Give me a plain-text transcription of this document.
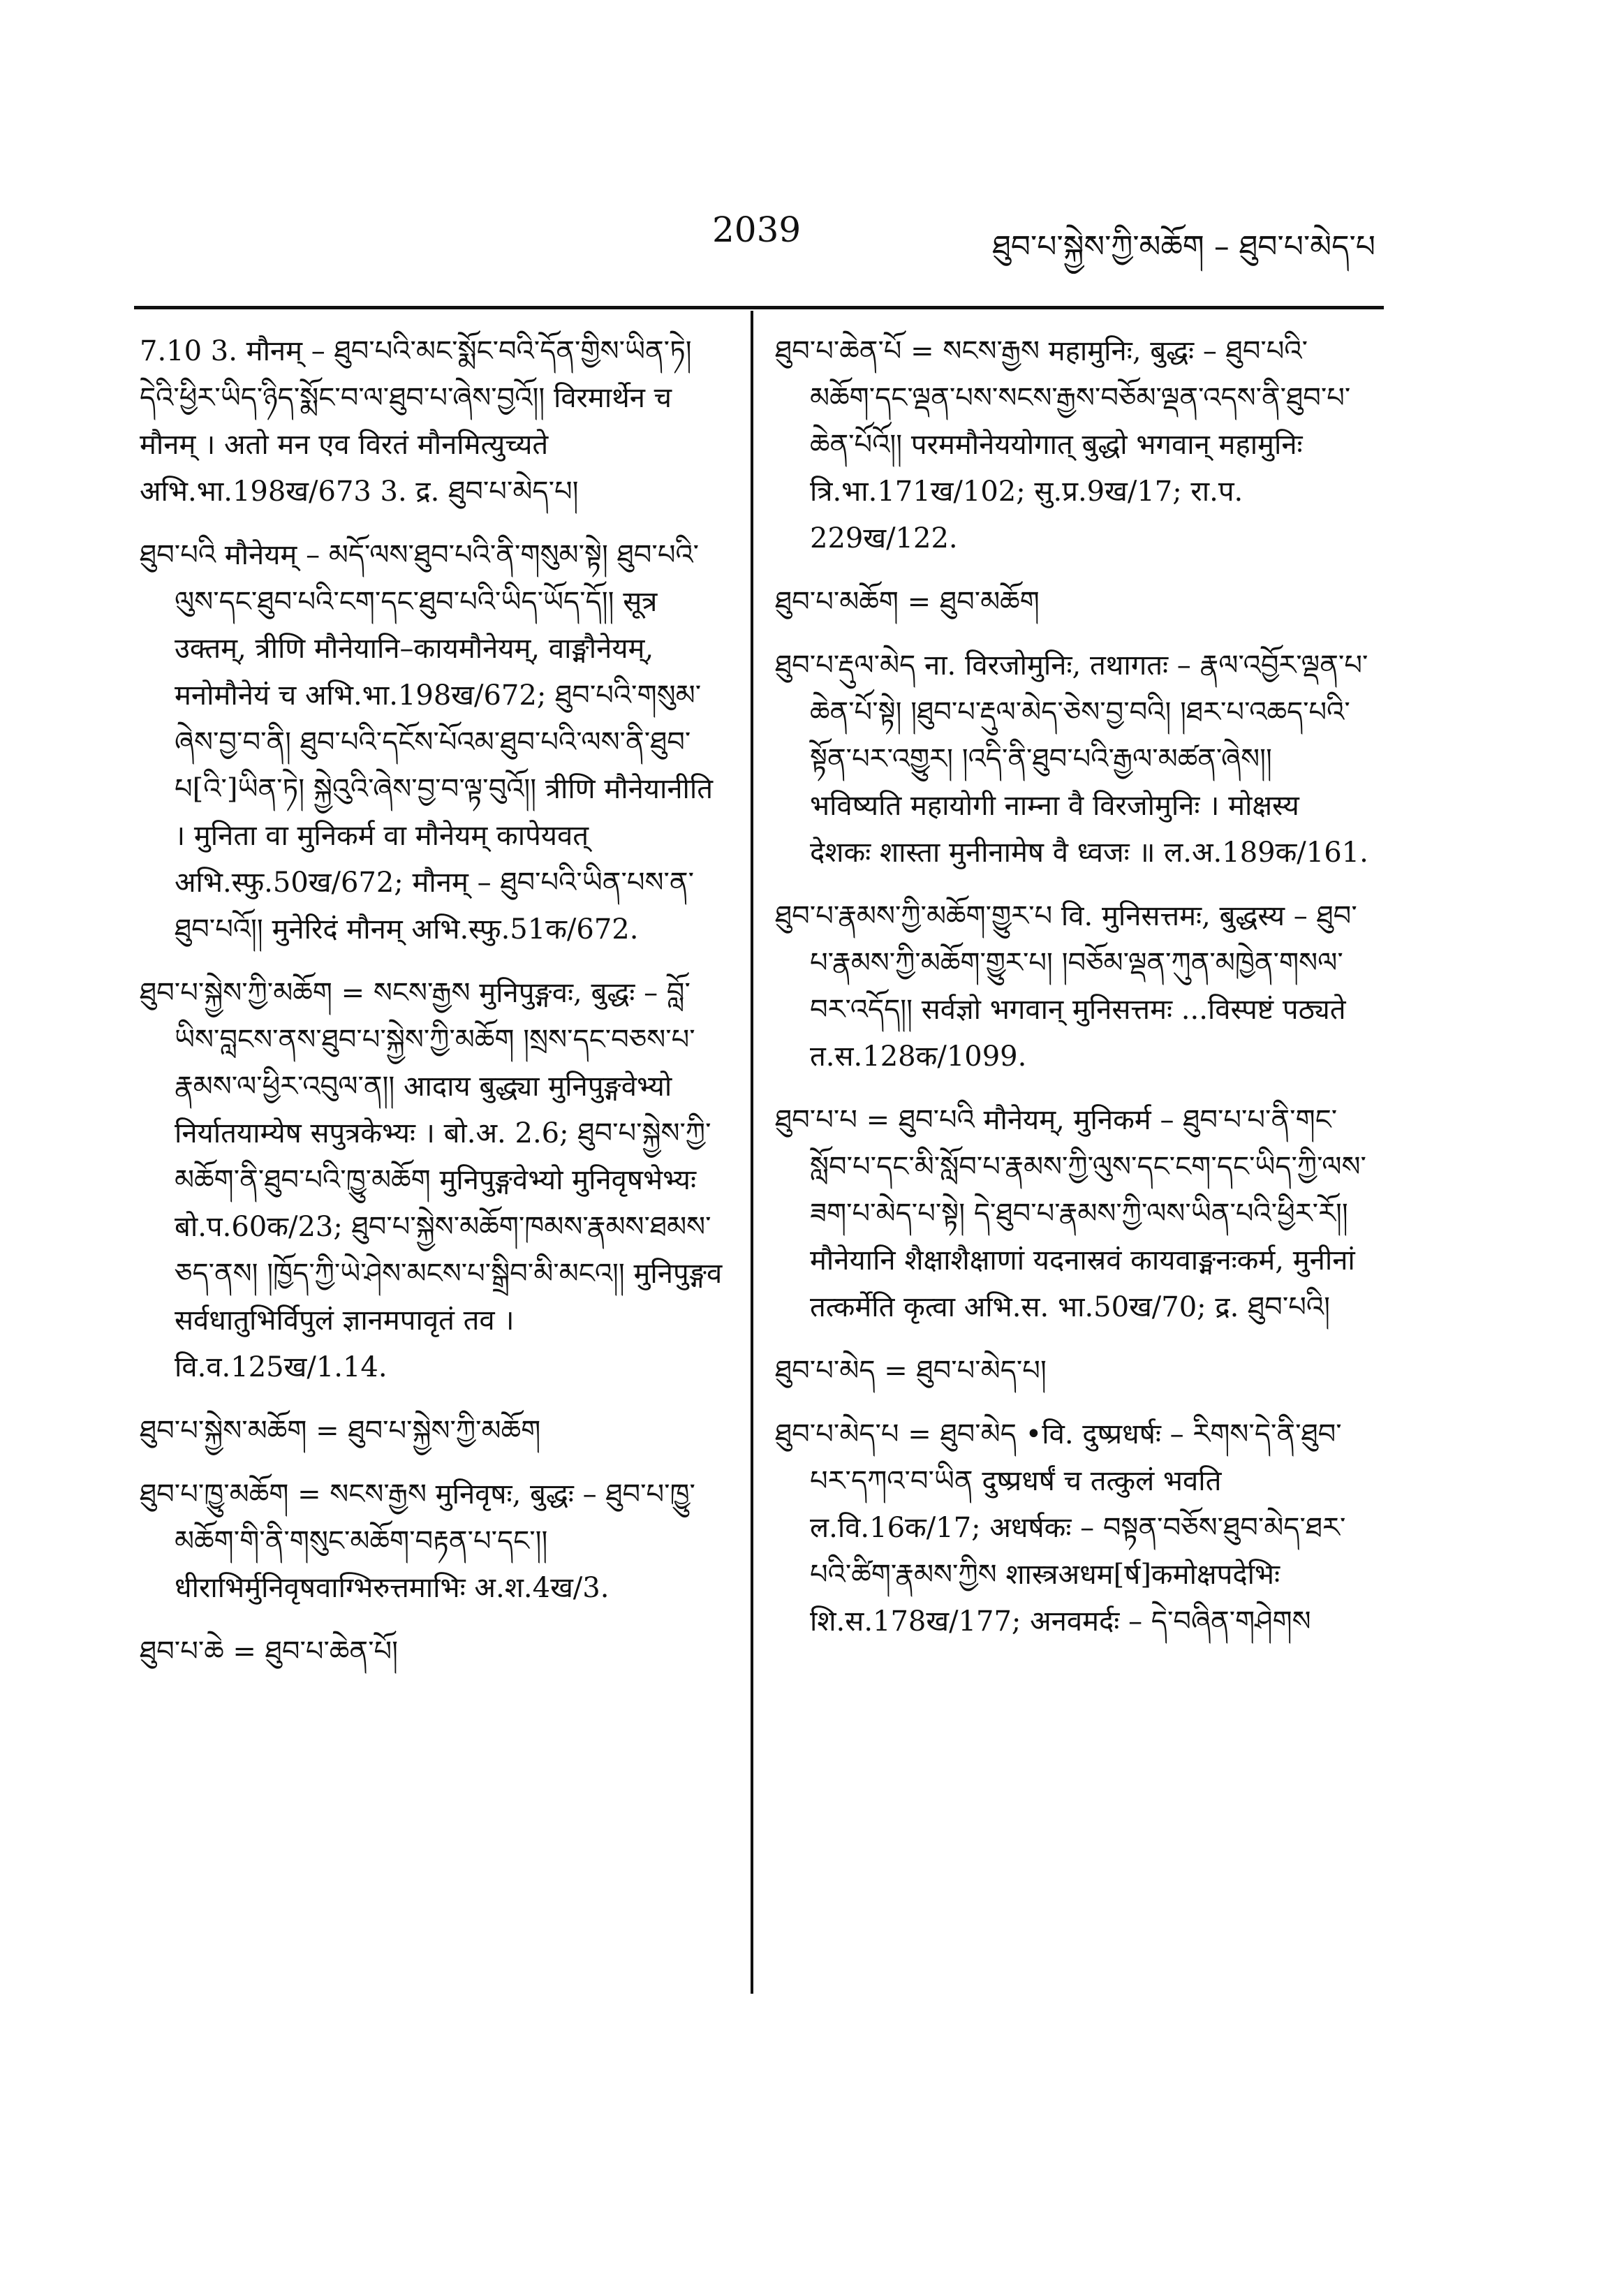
2039	ཐུབ་པ་སྐྱེས་ཀྱི་མཆོག – ཐུབ་པ་མེད་པ

7.10 3. मौनम् – ཐུབ་པའི་མང་སྨོང་བའི་དོན་གྱིས་ཡིན་ཏེ། དེའི་ཕྱིར་ཡིད་ཉིད་སྨོང་བ་ལ་ཐུབ་པ་ཞེས་བྱའོ།། विरमार्थेन च मौनम् । अतो मन एव विरतं मौनमित्युच्यते अभि.भा.198ख/673 3. द्र. ཐུབ་པ་མེད་པ།

ཐུབ་པའི मौनेयम् – མདོ་ལས་ཐུབ་པའི་ནི་གསུམ་སྟེ། ཐུབ་པའི་ལུས་དང་ཐུབ་པའི་ངག་དང་ཐུབ་པའི་ཡིད་ཡོད་དོ།། सूत्र उक्तम्, त्रीणि मौनेयानि–कायमौनेयम्, वाङ्मौनेयम्, मनोमौनेयं च अभि.भा.198ख/672; ཐུབ་པའི་གསུམ་ཞེས་བྱ་བ་ནི། ཐུབ་པའི་དངོས་པོའམ་ཐུབ་པའི་ལས་ནི་ཐུབ་པ[འི་]ཡིན་ཏེ། སྐྱེའུའི་ཞེས་བྱ་བ་ལྟ་བུའོ།། त्रीणि मौनेयानीति । मुनिता वा मुनिकर्म वा मौनेयम् कापेयवत् अभि.स्फु.50ख/672; मौनम् – ཐུབ་པའི་ཡིན་པས་ན་ཐུབ་པའོ།། मुनेरिदं मौनम् अभि.स्फु.51क/672.

ཐུབ་པ་སྐྱེས་ཀྱི་མཆོག = སངས་རྒྱས मुनिपुङ्गवः, बुद्धः – བློ་ཡིས་བླངས་ནས་ཐུབ་པ་སྐྱེས་ཀྱི་མཆོག །སྲས་དང་བཅས་པ་རྣམས་ལ་ཕྱིར་འབུལ་ན།། आदाय बुद्ध्या मुनिपुङ्गवेभ्यो निर्यातयाम्येष सपुत्रकेभ्यः । बो.अ. 2.6; ཐུབ་པ་སྐྱེས་ཀྱི་མཆོག་ནི་ཐུབ་པའི་ཁྱུ་མཆོག मुनिपुङ्गवेभ्यो मुनिवृषभेभ्यः बो.प.60क/23; ཐུབ་པ་སྐྱེས་མཆོག་ཁམས་རྣམས་ཐམས་ཅད་ནས། །ཁྱོད་ཀྱི་ཡེ་ཤེས་མངས་པ་སྒྲིབ་མི་མངའ།། मुनिपुङ्गव सर्वधातुभिर्विपुलं ज्ञानमपावृतं तव । वि.व.125ख/1.14.

ཐུབ་པ་སྐྱེས་མཆོག = ཐུབ་པ་སྐྱེས་ཀྱི་མཆོག

ཐུབ་པ་ཁྱུ་མཆོག = སངས་རྒྱས मुनिवृषः, बुद्धः – ཐུབ་པ་ཁྱུ་མཆོག་གི་ནི་གསུང་མཆོག་བརྟན་པ་དང་།། धीराभिर्मुनिवृषवाग्भिरुत्तमाभिः अ.श.4ख/3.

ཐུབ་པ་ཆེ = ཐུབ་པ་ཆེན་པོ།

ཐུབ་པ་ཆེན་པོ = སངས་རྒྱས महामुनिः, बुद्धः – ཐུབ་པའི་མཆོག་དང་ལྡན་པས་སངས་རྒྱས་བཅོམ་ལྡན་འདས་ནི་ཐུབ་པ་ཆེན་པོའོ།། परममौनेययोगात् बुद्धो भगवान् महामुनिः त्रि.भा.171ख/102; सु.प्र.9ख/17; रा.प. 229ख/122.

ཐུབ་པ་མཆོག = ཐུབ་མཆོག

ཐུབ་པ་རྡུལ་མེད ना. विरजोमुनिः, तथागतः – རྣལ་འབྱོར་ལྡན་པ་ཆེན་པོ་སྟེ། །ཐུབ་པ་རྡུལ་མེད་ཅེས་བྱ་བའི། །ཐར་པ་འཆད་པའི་སྟོན་པར་འགྱུར། །འདི་ནི་ཐུབ་པའི་རྒྱལ་མཚན་ཞེས།། भविष्यति महायोगी नाम्ना वै विरजोमुनिः । मोक्षस्य देशकः शास्ता मुनीनामेष वै ध्वजः ॥ ल.अ.189क/161.

ཐུབ་པ་རྣམས་ཀྱི་མཆོག་གྱུར་པ वि. मुनिसत्तमः, बुद्धस्य – ཐུབ་པ་རྣམས་ཀྱི་མཆོག་གྱུར་པ། །བཅོམ་ལྡན་ཀུན་མཁྱེན་གསལ་བར་འདོད།། सर्वज्ञो भगवान् मुनिसत्तमः ...विस्पष्टं पठ्यते त.स.128क/1099.

ཐུབ་པ་པ = ཐུབ་པའི मौनेयम्, मुनिकर्म – ཐུབ་པ་པ་ནི་གང་སློབ་པ་དང་མི་སློབ་པ་རྣམས་ཀྱི་ལུས་དང་ངག་དང་ཡིད་ཀྱི་ལས་ཟག་པ་མེད་པ་སྟེ། དེ་ཐུབ་པ་རྣམས་ཀྱི་ལས་ཡིན་པའི་ཕྱིར་རོ།། मौनेयानि शैक्षाशैक्षाणां यदनास्रवं कायवाङ्मनःकर्म, मुनीनां तत्कर्मेति कृत्वा अभि.स. भा.50ख/70; द्र. ཐུབ་པའི།

ཐུབ་པ་མེད = ཐུབ་པ་མེད་པ།

ཐུབ་པ་མེད་པ = ཐུབ་མེད •वि. दुष्प्रधर्षः – རིགས་དེ་ནི་ཐུབ་པར་དཀའ་བ་ཡིན दुष्प्रधर्षं च तत्कुलं भवति ल.वि.16क/17; अधर्षकः – བསྟན་བཅོས་ཐུབ་མེད་ཐར་པའི་ཚིག་རྣམས་ཀྱིས शास्त्रअधम[र्ष]कमोक्षपदेभिः शि.स.178ख/177; अनवमर्दः – དེ་བཞིན་གཤེགས
